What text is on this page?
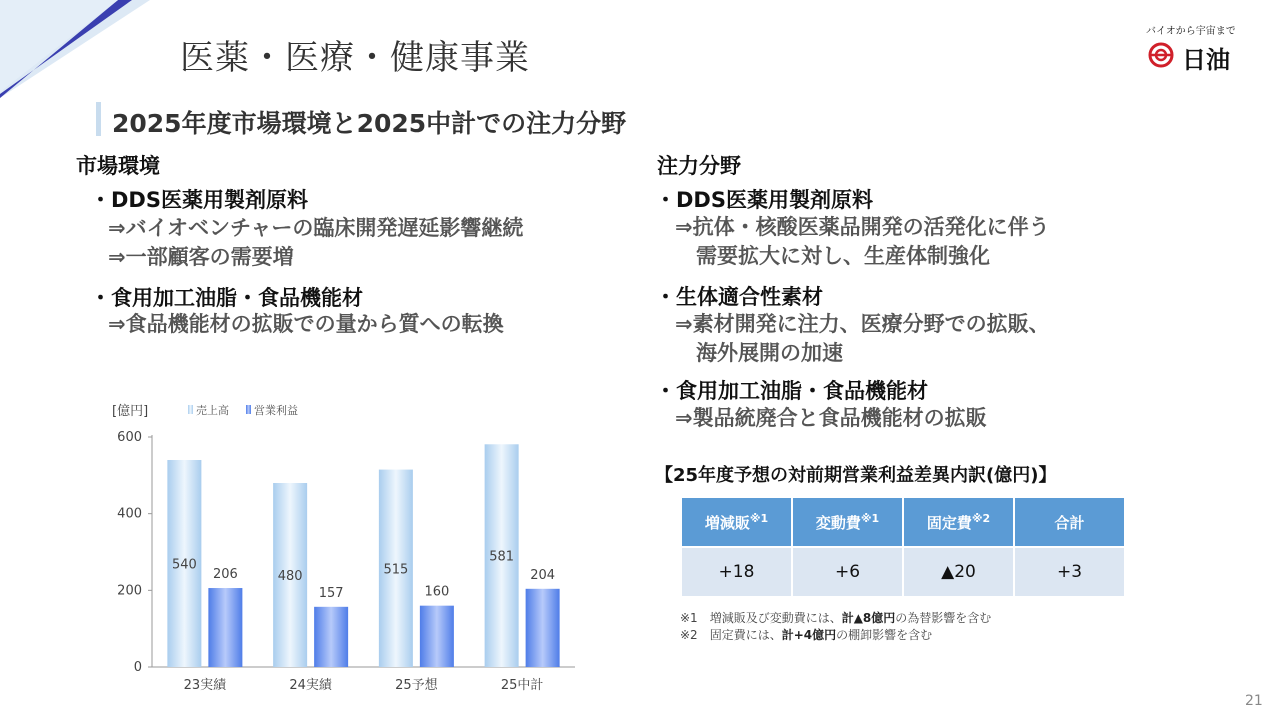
医薬・医療・健康事業
バイオから宇宙まで
日油
2025年度市場環境と2025中計での注力分野
市場環境
・DDS医薬用製剤原料
⇒バイオベンチャーの臨床開発遅延影響継続
⇒一部顧客の需要増
・食用加工油脂・食品機能材
⇒食品機能材の拡販での量から質への転換
注力分野
・DDS医薬用製剤原料
⇒抗体・核酸医薬品開発の活発化に伴う
　需要拡大に対し、生産体制強化
・生体適合性素材
⇒素材開発に注力、医療分野での拡販、
　海外展開の加速
・食用加工油脂・食品機能材
⇒製品統廃合と食品機能材の拡販
[億円]	売上高 営業利益
0
200
400
600
23実績	24実績	25予想	25中計
540
206	480
157
515
160
581
204
【25年度予想の対前期営業利益差異内訳(億円)】
増減販$^{※1}$	変動費$^{※1}$	固定費$^{※2}$	合計
+18	+6	▲20	+3
※1　増減販及び変動費には、計▲8億円の為替影響を含む
※2　固定費には、計+4億円の棚卸影響を含む
21
